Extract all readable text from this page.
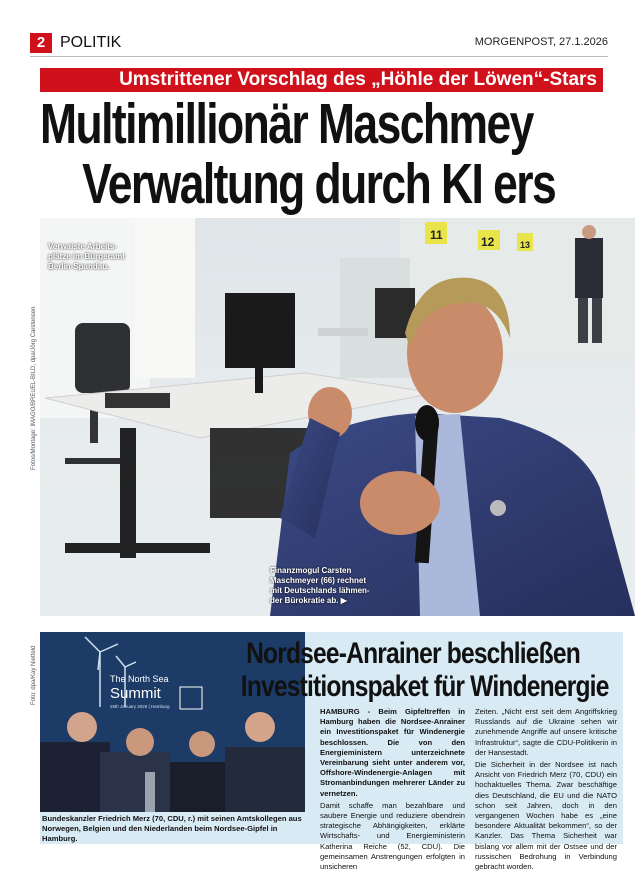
2 POLITIK	MORGENPOST, 27.1.2026
Umstrittener Vorschlag des „Höhle der Löwen“-Stars
Multimillionär Maschmey
Verwaltung durch KI ers
11	12	13
Verwaiste Arbeits-plätze im Bürgeramt Berlin-Spandau.
Finanzmogul Carsten Maschmeyer (66) rechnet mit Deutschlands lähmen-der Bürokratie ab. ▶
Fotos/Montage: IMAGO/BREUEL-BILD, dpa/Jörg Carstensen
The North Sea
Summit
26th January 2026 | Hamburg
Foto: dpa/Kay Nietfeld
Bundeskanzler Friedrich Merz (70, CDU, r.) mit seinen Amtskollegen aus Norwegen, Belgien und den Niederlanden beim Nordsee-Gipfel in Hamburg.
Nordsee-Anrainer beschließen
Investitionspaket für Windenergie

HAMBURG - Beim Gipfeltreffen in Hamburg haben die Nordsee-Anrainer ein Investitionspaket für Windenergie beschlossen. Die von den Energieministern unterzeichnete Vereinbarung sieht unter anderem vor, Offshore-Windenergie-Anlagen mit Stromanbindungen mehrerer Länder zu vernetzen.

Damit schaffe man bezahlbare und saubere Energie und reduziere obendrein strategische Abhängigkeiten, erklärte Wirtschafts- und Energieministerin Katherina Reiche (52, CDU). Die gemeinsamen Anstrengungen erfolgten in unsicheren

Zeiten. „Nicht erst seit dem Angriffskrieg Russlands auf die Ukraine sehen wir zunehmende Angriffe auf unsere kritische Infrastruktur“, sagte die CDU-Politikerin in der Hansestadt.

Die Sicherheit in der Nordsee ist nach Ansicht von Friedrich Merz (70, CDU) ein hochaktuelles Thema. Zwar beschäftige dies Deutschland, die EU und die NATO schon seit Jahren, doch in den vergangenen Wochen habe es „eine besondere Aktualität bekommen“, so der Kanzler. Das Thema Sicherheit war bislang vor allem mit der Ostsee und der russischen Bedrohung in Verbindung gebracht worden.
